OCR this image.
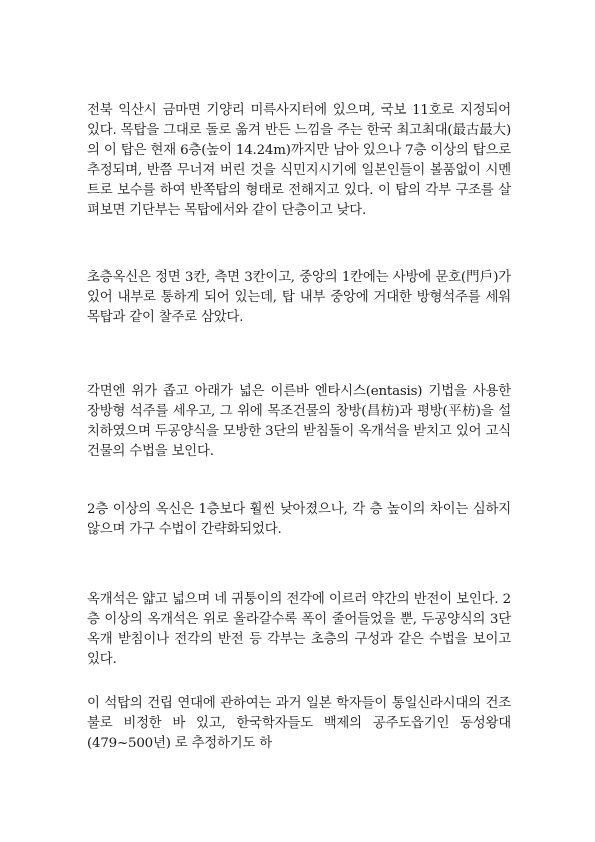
전북 익산시 금마면 기양리 미륵사지터에 있으며, 국보 11호로 지정되어 있다. 목탑을 그대로 돌로 옮겨 반든 느낌을 주는 한국 최고최대(最古最大)의 이 탑은 현재 6층(높이 14.24m)까지만 남아 있으나 7층 이상의 탑으로 추정되며, 반쯤 무너져 버린 것을 식민지시기에 일본인들이 볼품없이 시멘트로 보수를 하여 반쪽탑의 형태로 전해지고 있다. 이 탑의 각부 구조를 살펴보면 기단부는 목탑에서와 같이 단층이고 낮다.

초층옥신은 정면 3칸, 측면 3칸이고, 중앙의 1칸에는 사방에 문호(門戶)가 있어 내부로 통하게 되어 있는데, 탑 내부 중앙에 거대한 방형석주를 세워 목탑과 같이 찰주로 삼았다.

각면엔 위가 좁고 아래가 넓은 이른바 엔타시스(entasis) 기법을 사용한 장방형 석주를 세우고, 그 위에 목조건물의 창방(昌枋)과 평방(平枋)을 설치하였으며 두공양식을 모방한 3단의 받침돌이 옥개석을 받치고 있어 고식건물의 수법을 보인다.

2층 이상의 옥신은 1층보다 훨씬 낮아졌으나, 각 층 높이의 차이는 심하지 않으며 가구 수법이 간략화되었다.

옥개석은 얇고 넓으며 네 귀퉁이의 전각에 이르러 약간의 반전이 보인다. 2층 이상의 옥개석은 위로 올라갈수록 폭이 줄어들었을 뿐, 두공양식의 3단 옥개 받침이나 전각의 반전 등 각부는 초층의 구성과 같은 수법을 보이고 있다.

이 석탑의 건립 연대에 관하여는 과거 일본 학자들이 통일신라시대의 건조불로 비정한 바 있고, 한국학자들도 백제의 공주도읍기인 동성왕대 (479~500년) 로 추정하기도 하
